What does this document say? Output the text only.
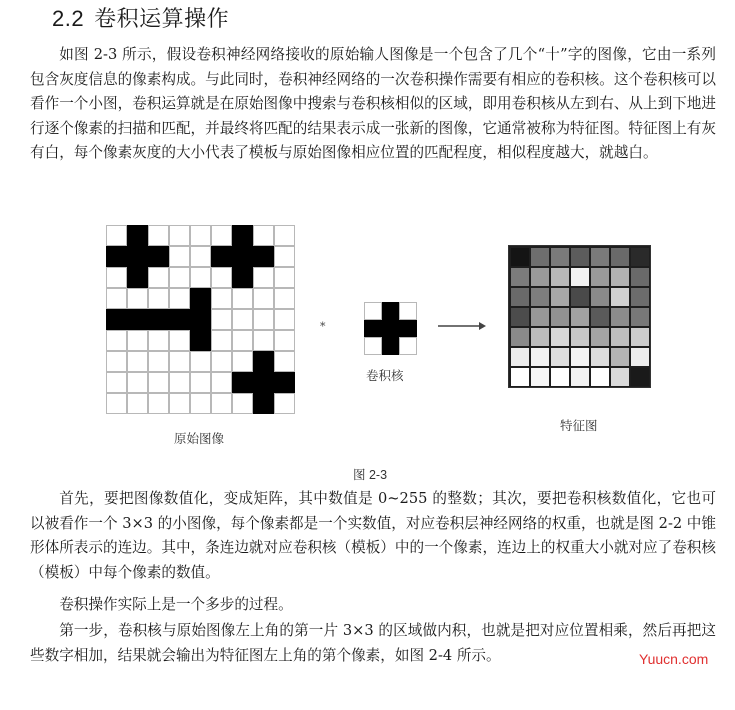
2.2 卷积运算操作

如图 2-3 所示，假设卷积神经网络接收的原始输人图像是一个包含了几个“十”字的图像，它由一系列包含灰度信息的像素构成。与此同时，卷积神经网络的一次卷积操作需要有相应的卷积核。这个卷积核可以看作一个小图，卷积运算就是在原始图像中搜索与卷积核相似的区域，即用卷积核从左到右、从上到下地进行逐个像素的扫描和匹配，并最终将匹配的结果表示成一张新的图像，它通常被称为特征图。特征图上有灰有白，每个像素灰度的大小代表了模板与原始图像相应位置的匹配程度，相似程度越大，就越白。

原始图像
*
卷积核
特征图
图 2-3

首先，要把图像数值化，变成矩阵，其中数值是 0~255 的整数；其次，要把卷积核数值化，它也可以被看作一个 3×3 的小图像，每个像素都是一个实数值，对应卷积层神经网络的权重，也就是图 2-2 中锥形体所表示的连边。其中，条连边就对应卷积核（模板）中的一个像素，连边上的权重大小就对应了卷积核（模板）中每个像素的数值。

卷积操作实际上是一个多步的过程。

第一步，卷积核与原始图像左上角的第一片 3×3 的区域做内积，也就是把对应位置相乘，然后再把这些数字相加，结果就会输出为特征图左上角的第个像素，如图 2-4 所示。	Yuucn.com
